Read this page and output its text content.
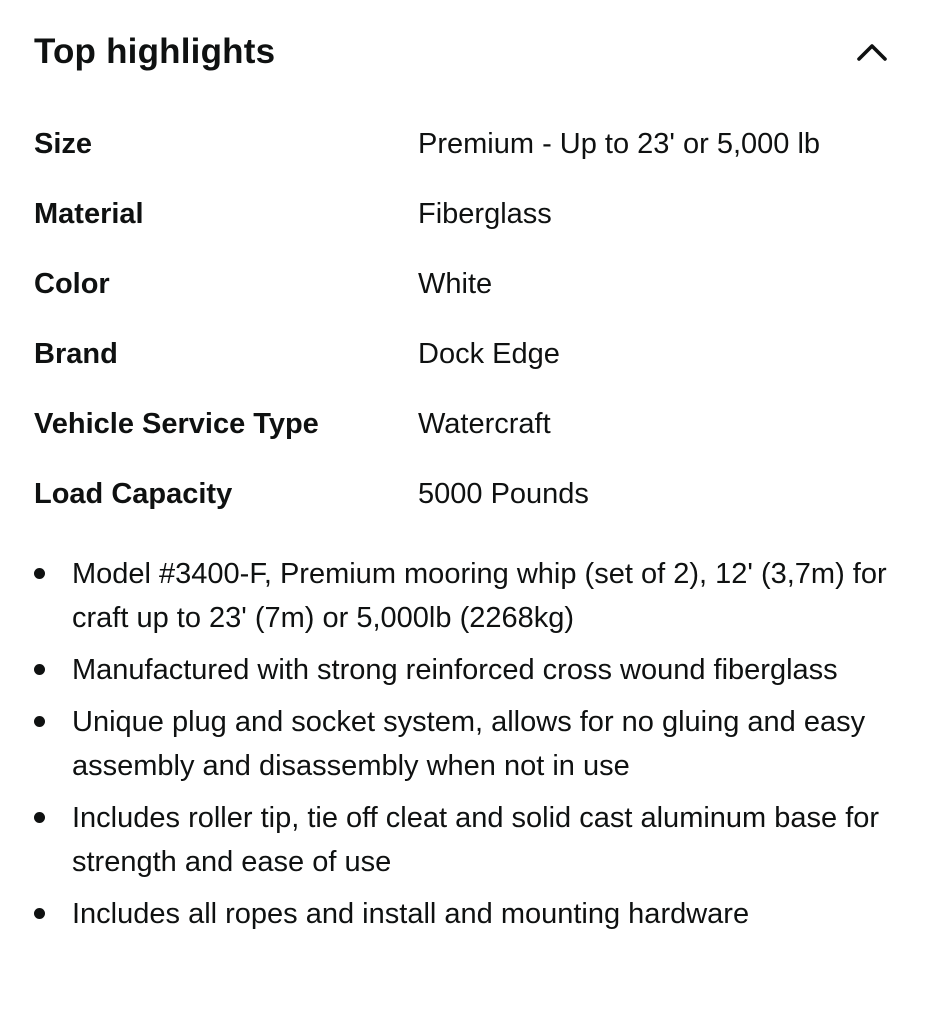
Top highlights
Size	Premium - Up to 23' or 5,000 lb
Material	Fiberglass
Color	White
Brand	Dock Edge
Vehicle Service Type	Watercraft
Load Capacity	5000 Pounds
Model #3400-F, Premium mooring whip (set of 2), 12' (3,7m) for craft up to 23' (7m) or 5,000lb (2268kg)
Manufactured with strong reinforced cross wound fiberglass
Unique plug and socket system, allows for no gluing and easy assembly and disassembly when not in use
Includes roller tip, tie off cleat and solid cast aluminum base for strength and ease of use
Includes all ropes and install and mounting hardware
